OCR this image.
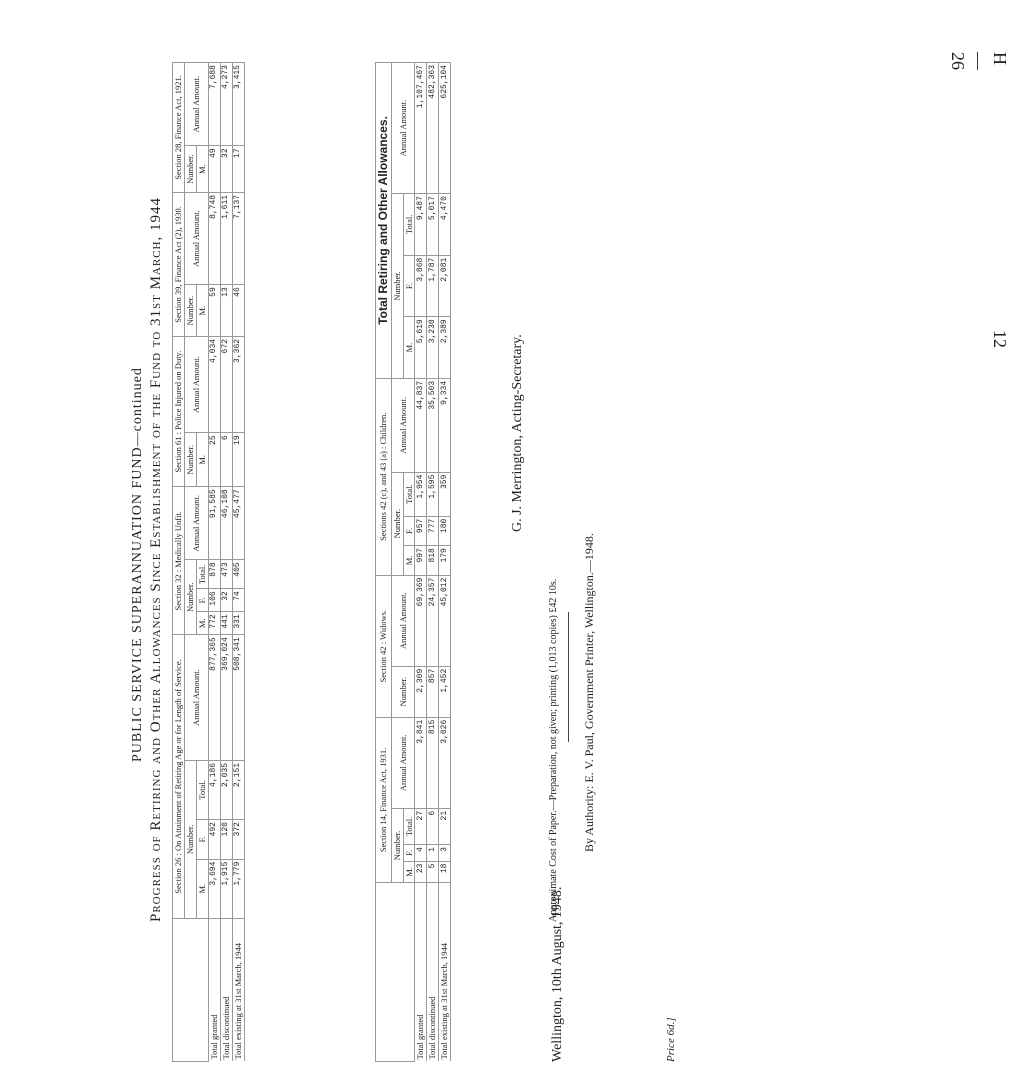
H—26
12
PUBLIC SERVICE SUPERANNUATION FUND—continued Progress of Retiring and Other Allowances Since Establishment of the Fund to 31st March, 1944
	Section 26 : On Attainment of Retiring Age or for Length of Service.				Section 32 : Medically Unfit.				Section 61 : Police Injured on Duty.		Section 39, Finance Act (2), 1930.		Section 28, Finance Act, 1921.	
	Number.			Annual Amount.	Number.			Annual Amount.	Number.	Annual Amount.	Number.	Annual Amount.	Number.	Annual Amount.
	M.	F.	Total.		M.	F.	Total.		M.		M.		M.	
Total granted	3,694	492	4,186	877,365	772	106	878	91,585	25	4,034	59	8,748	49	7,688
Total discontinued	1,915	120	2,035	369,024	441	32	473	46,108	6	672	13	1,611	32	4,273
Total existing at 31st March, 1944	1,779	372	2,151	508,341	331	74	405	45,477	19	3,362	46	7,137	17	3,415
	Section 14, Finance Act, 1931.				Section 42 : Widows.		Sections 42 (c), and 43 (a) : Children.				Total Retiring and Other Allowances.			
	Number.			Annual Amount.	Number.	Annual Amount.	Number.			Annual Amount.	Number.			Annual Amount.
	M.	F.	Total.				M.	F.	Total.		M.	F.	Total.	
Total granted	23	4	27	3,841	2,309	69,369	997	957	1,954	44,837	5,619	3,868	9,487	1,107,467
Total discontinued	5	1	6	815	857	24,357	818	777	1,595	35,503	3,230	1,787	5,017	482,363
Total existing at 31st March, 1944	18	3	21	3,026	1,452	45,012	179	180	359	9,334	2,389	2,081	4,470	625,104
G. J. Merrington, Acting-Secretary.
Wellington, 10th August, 1948.
Approximate Cost of Paper.—Preparation, not given; printing (1,013 copies) £42 10s. By Authority: E. V. Paul, Government Printer, Wellington.—1948.
Price 6d.]
